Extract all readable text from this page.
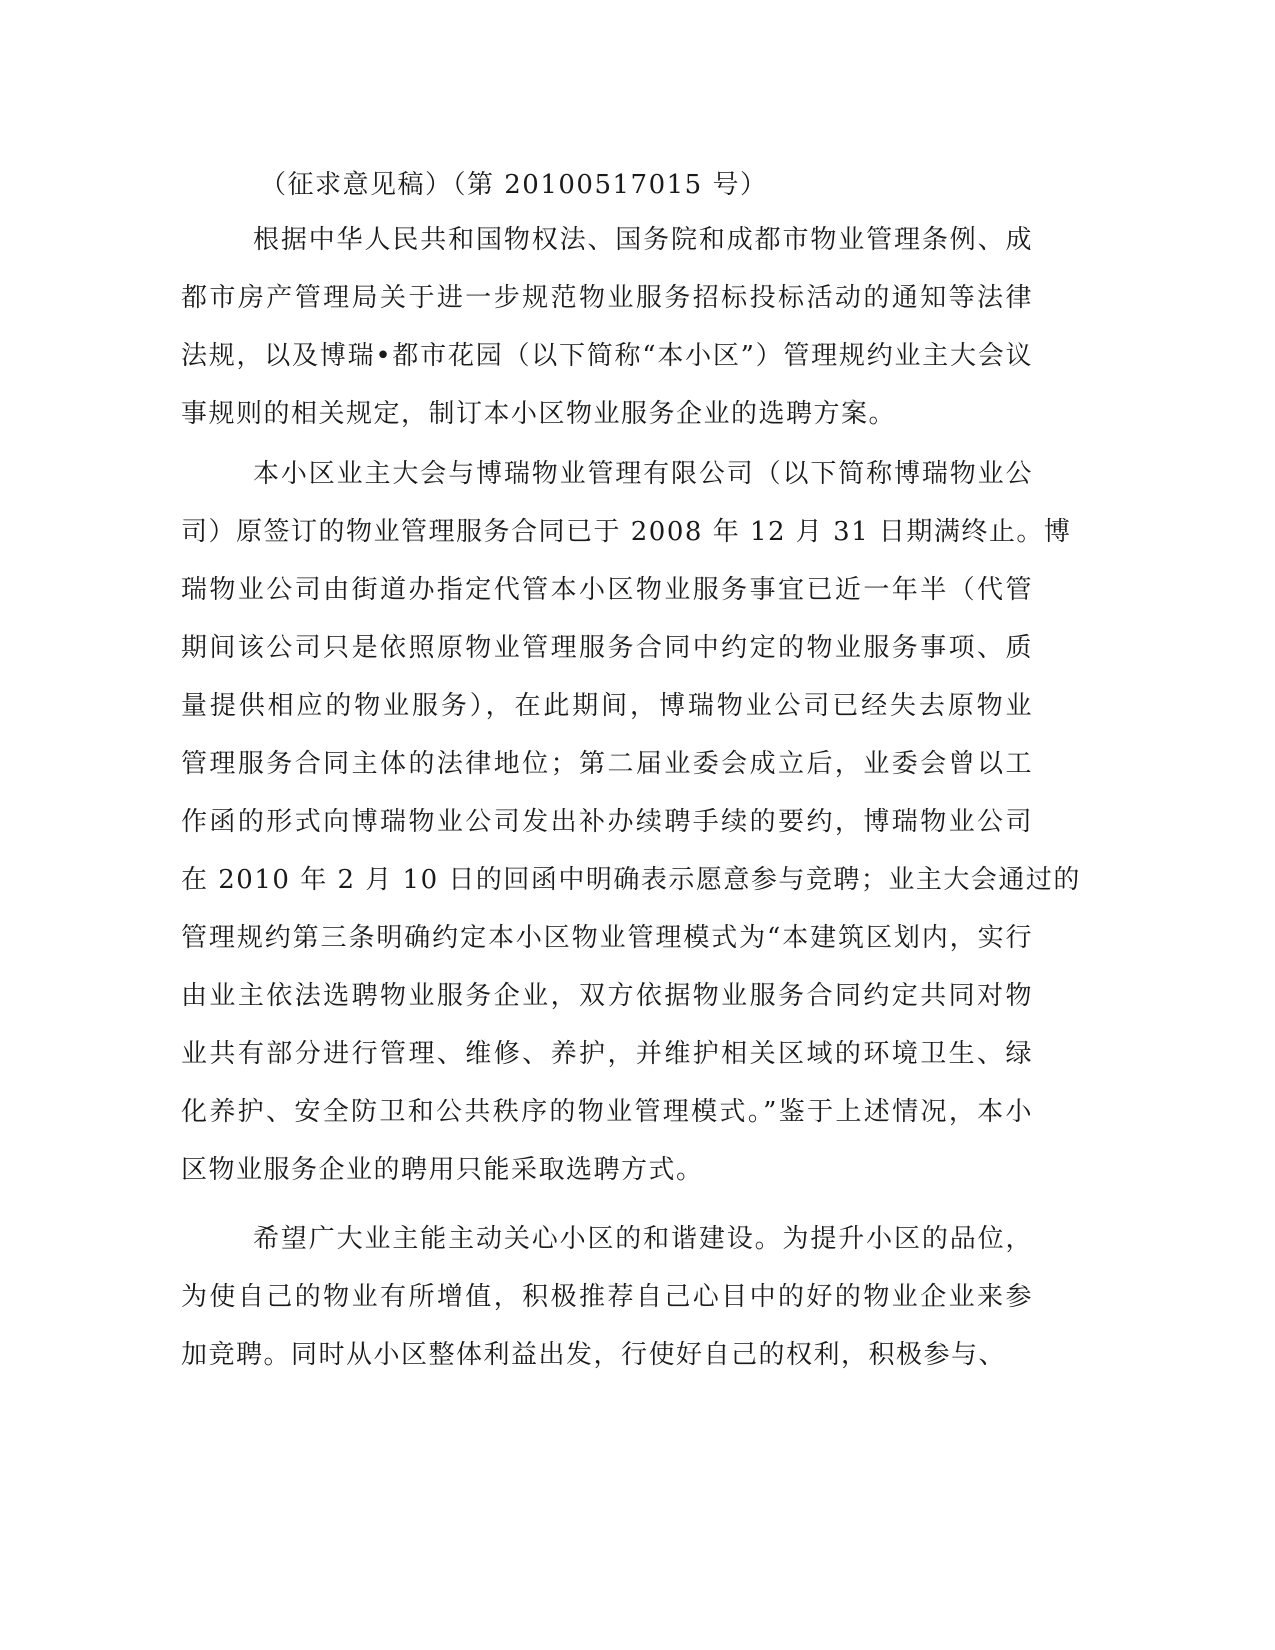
（征求意见稿）（第 20100517015 号）
根据中华人民共和国物权法、国务院和成都市物业管理条例、成
都市房产管理局关于进一步规范物业服务招标投标活动的通知等法律
法规，以及博瑞•都市花园（以下简称“本小区”）管理规约业主大会议
事规则的相关规定，制订本小区物业服务企业的选聘方案。
本小区业主大会与博瑞物业管理有限公司（以下简称博瑞物业公
司）原签订的物业管理服务合同已于 2008 年 12 月 31 日期满终止。博
瑞物业公司由街道办指定代管本小区物业服务事宜已近一年半（代管
期间该公司只是依照原物业管理服务合同中约定的物业服务事项、质
量提供相应的物业服务），在此期间，博瑞物业公司已经失去原物业
管理服务合同主体的法律地位；第二届业委会成立后，业委会曾以工
作函的形式向博瑞物业公司发出补办续聘手续的要约，博瑞物业公司
在 2010 年 2 月 10 日的回函中明确表示愿意参与竞聘；业主大会通过的
管理规约第三条明确约定本小区物业管理模式为“本建筑区划内，实行
由业主依法选聘物业服务企业，双方依据物业服务合同约定共同对物
业共有部分进行管理、维修、养护，并维护相关区域的环境卫生、绿
化养护、安全防卫和公共秩序的物业管理模式。”鉴于上述情况，本小
区物业服务企业的聘用只能采取选聘方式。
希望广大业主能主动关心小区的和谐建设。为提升小区的品位，
为使自己的物业有所增值，积极推荐自己心目中的好的物业企业来参
加竞聘。同时从小区整体利益出发，行使好自己的权利，积极参与、
